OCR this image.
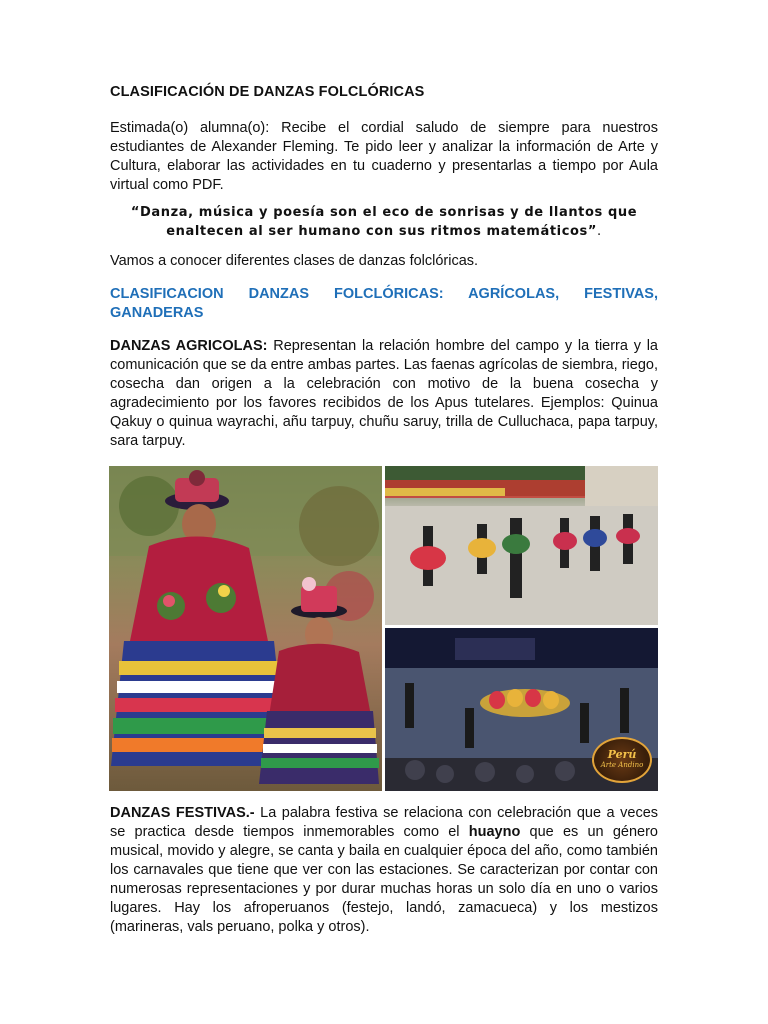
CLASIFICACIÓN DE DANZAS FOLCLÓRICAS
Estimada(o) alumna(o): Recibe el cordial saludo de siempre para nuestros estudiantes de Alexander Fleming. Te pido leer y analizar la información de Arte y Cultura, elaborar las actividades en tu cuaderno y presentarlas a tiempo por Aula virtual como PDF.
“Danza, música y poesía son el eco de sonrisas y de llantos que
enaltecen al ser humano con sus ritmos matemáticos”.
Vamos a conocer diferentes clases de danzas folclóricas.
CLASIFICACION DANZAS FOLCLÓRICAS: AGRÍCOLAS, FESTIVAS, GANADERAS
DANZAS AGRICOLAS: Representan la relación hombre del campo y la tierra y la comunicación que se da entre ambas partes. Las faenas agrícolas de siembra, riego, cosecha dan origen a la celebración con motivo de la buena cosecha y agradecimiento por los favores recibidos de los Apus tutelares. Ejemplos: Quinua Qakuy o quinua wayrachi, añu tarpuy, chuñu saruy, trilla de Culluchaca, papa tarpuy, sara tarpuy.
Perú
Arte Andino
DANZAS FESTIVAS.- La palabra festiva se relaciona con celebración que a veces se practica desde tiempos inmemorables como el huayno que es un género musical, movido y alegre, se canta y baila en cualquier época del año, como también los carnavales que tiene que ver con las estaciones. Se caracterizan por contar con numerosas representaciones y por durar muchas horas un solo día en uno o varios lugares. Hay los afroperuanos (festejo, landó, zamacueca) y los mestizos (marineras, vals peruano, polka y otros).
